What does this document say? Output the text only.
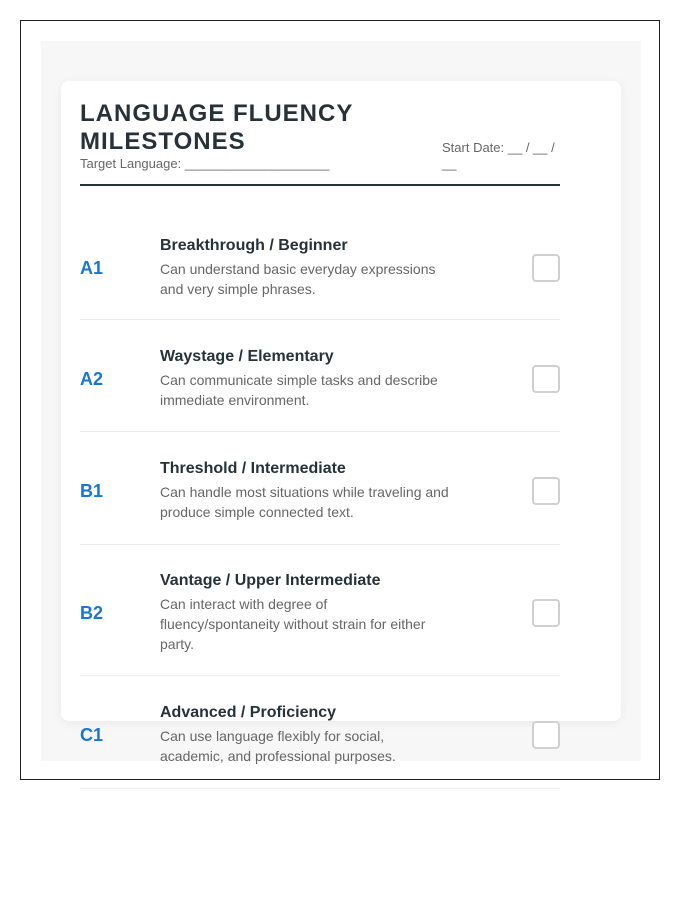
LANGUAGE FLUENCY MILESTONES
Target Language: ____________________
Start Date: __ / __ / __
A1
Breakthrough / Beginner
Can understand basic everyday expressions and very simple phrases.
A2
Waystage / Elementary
Can communicate simple tasks and describe immediate environment.
B1
Threshold / Intermediate
Can handle most situations while traveling and produce simple connected text.
B2
Vantage / Upper Intermediate
Can interact with degree of fluency/spontaneity without strain for either party.
C1
Advanced / Proficiency
Can use language flexibly for social, academic, and professional purposes.
